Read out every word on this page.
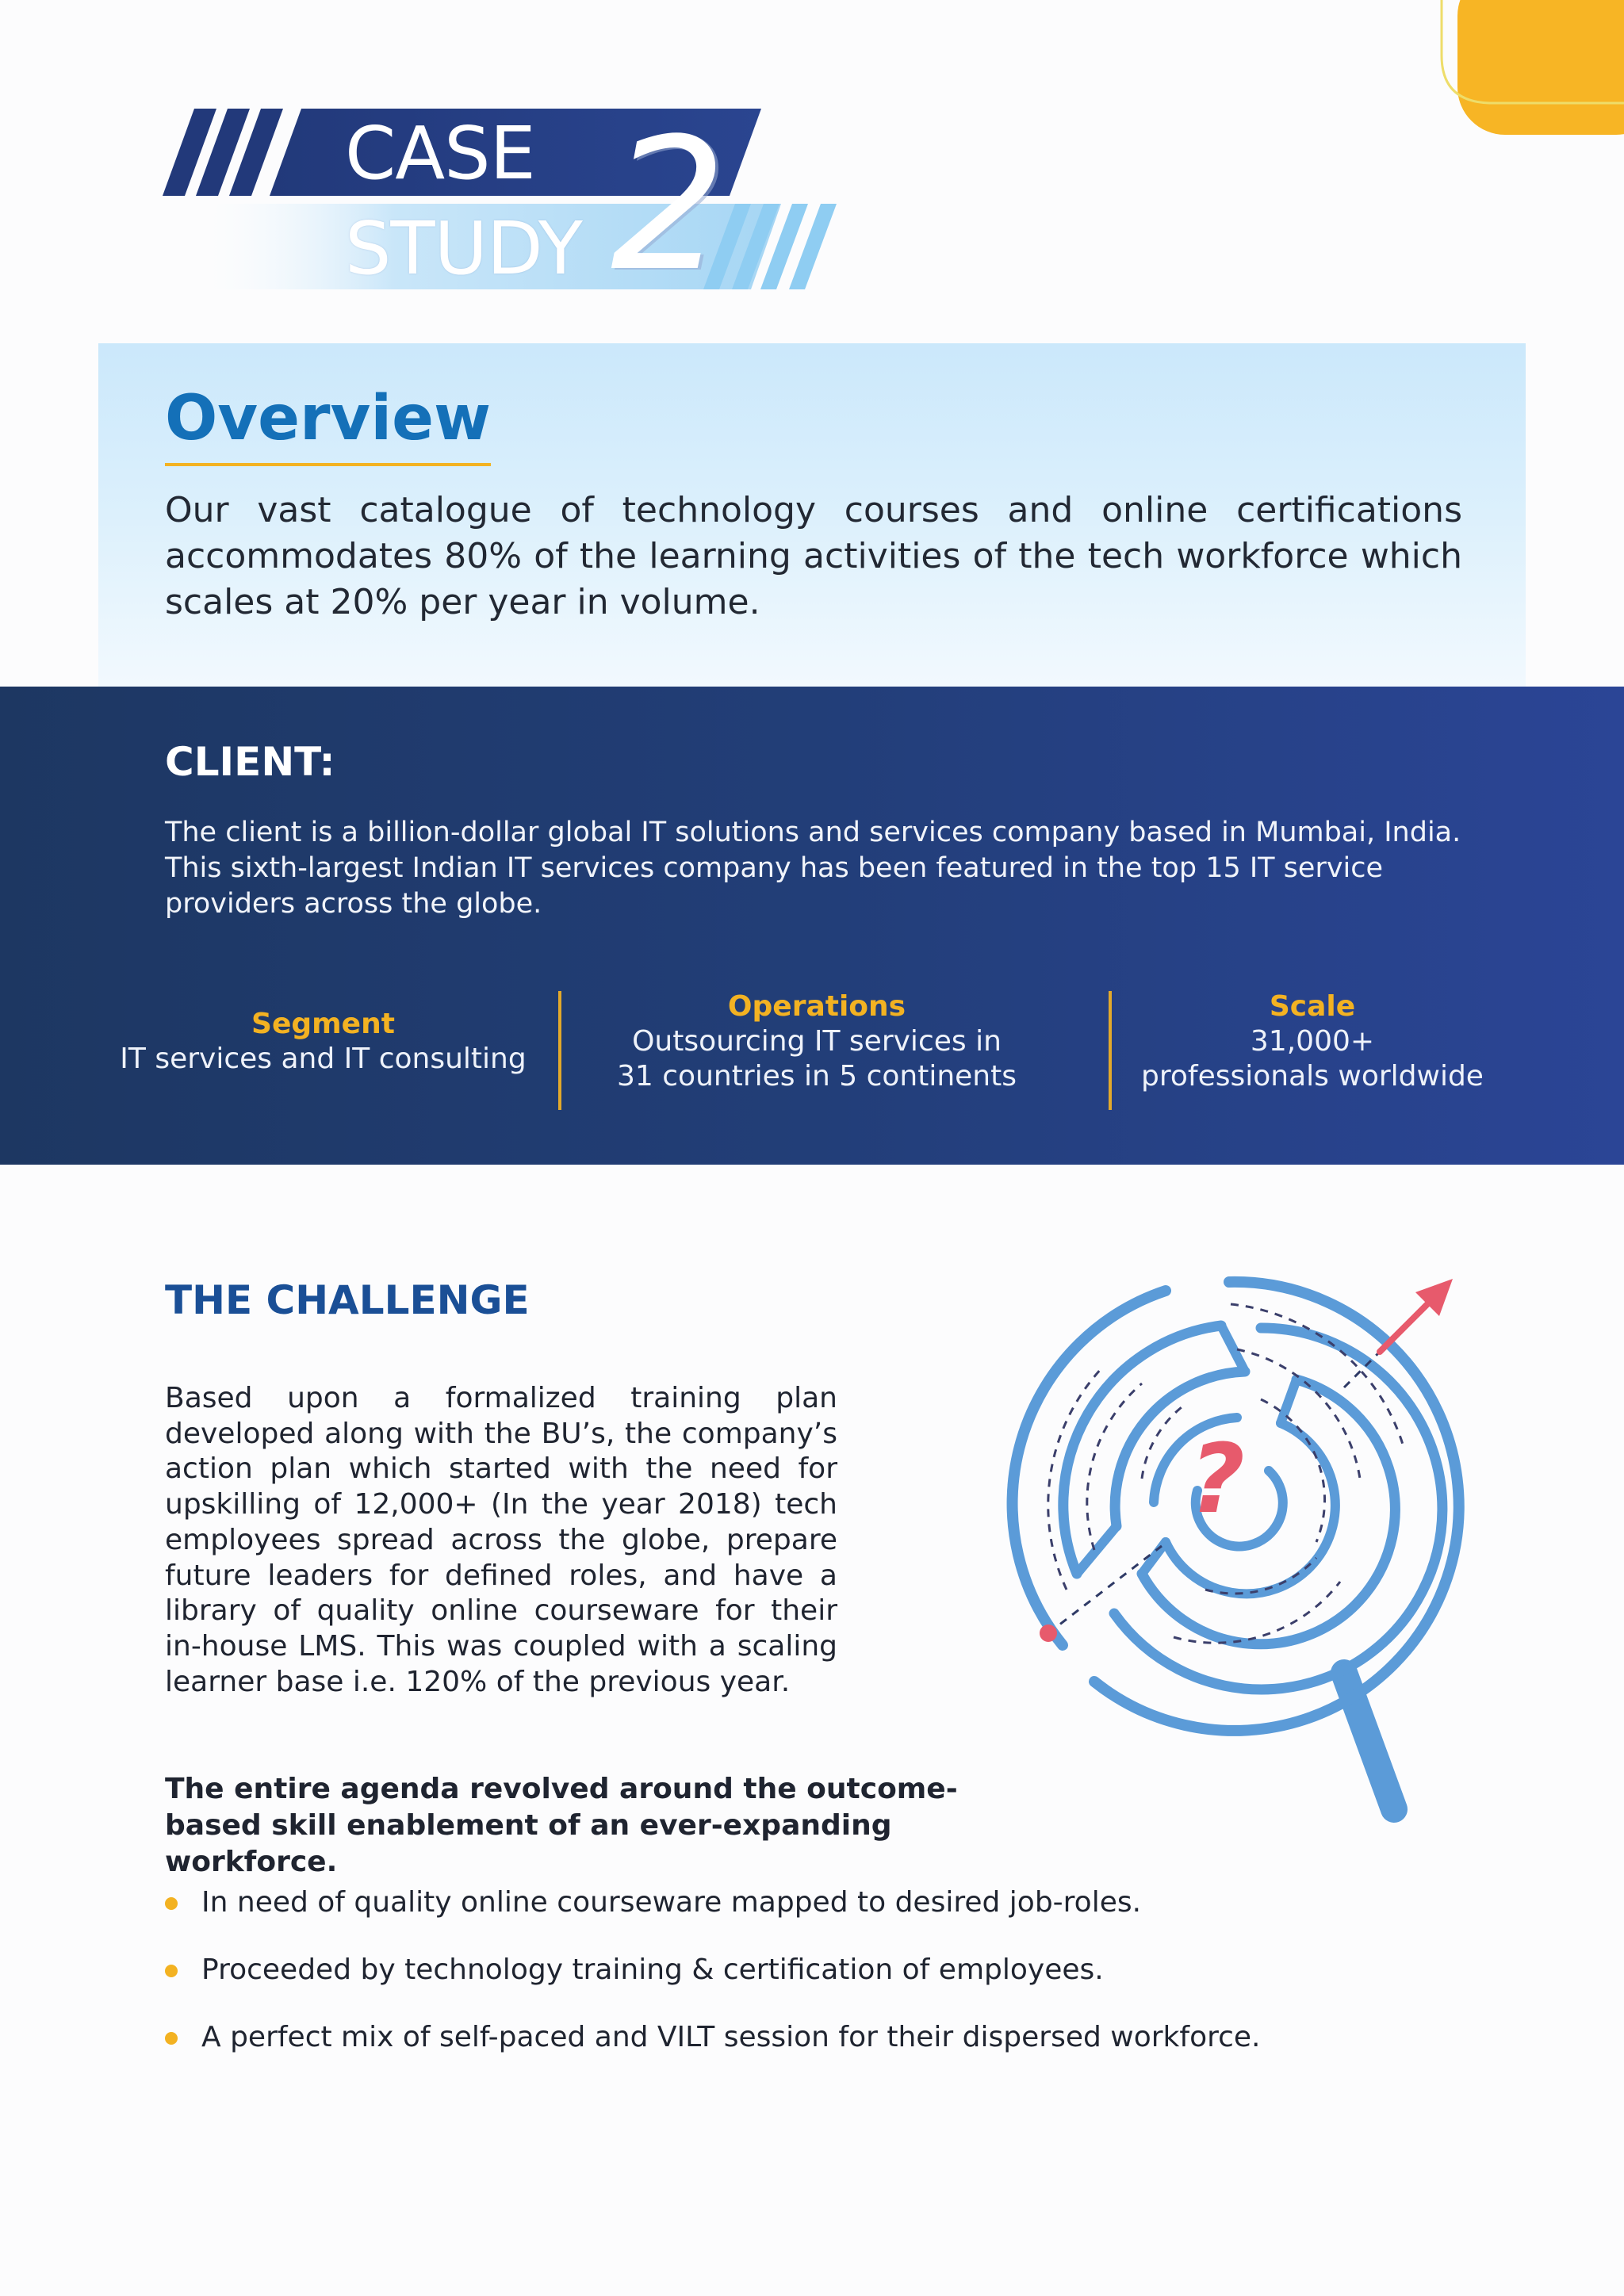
CASE
STUDY 2
Overview

Our vast catalogue of technology courses and online certifications accommodates 80% of the learning activities of the tech workforce which scales at 20% per year in volume.

CLIENT:

The client is a billion-dollar global IT solutions and services company based in Mumbai, India. This sixth-largest Indian IT services company has been featured in the top 15 IT service providers across the globe.

Segment
IT services and IT consulting
Operations
Outsourcing IT services in
31 countries in 5 continents
Scale
31,000+
professionals worldwide
THE CHALLENGE

Based upon a formalized training plan developed along with the BU’s, the company’s action plan which started with the need for upskilling of 12,000+ (In the year 2018) tech employees spread across the globe, prepare future leaders for defined roles, and have a library of quality online courseware for their in-house LMS. This was coupled with a scaling learner base i.e. 120% of the previous year.

The entire agenda revolved around the outcome-based skill enablement of an ever-expanding workforce.

In need of quality online courseware mapped to desired job-roles.
Proceeded by technology training & certification of employees.
A perfect mix of self-paced and VILT session for their dispersed workforce.
?
